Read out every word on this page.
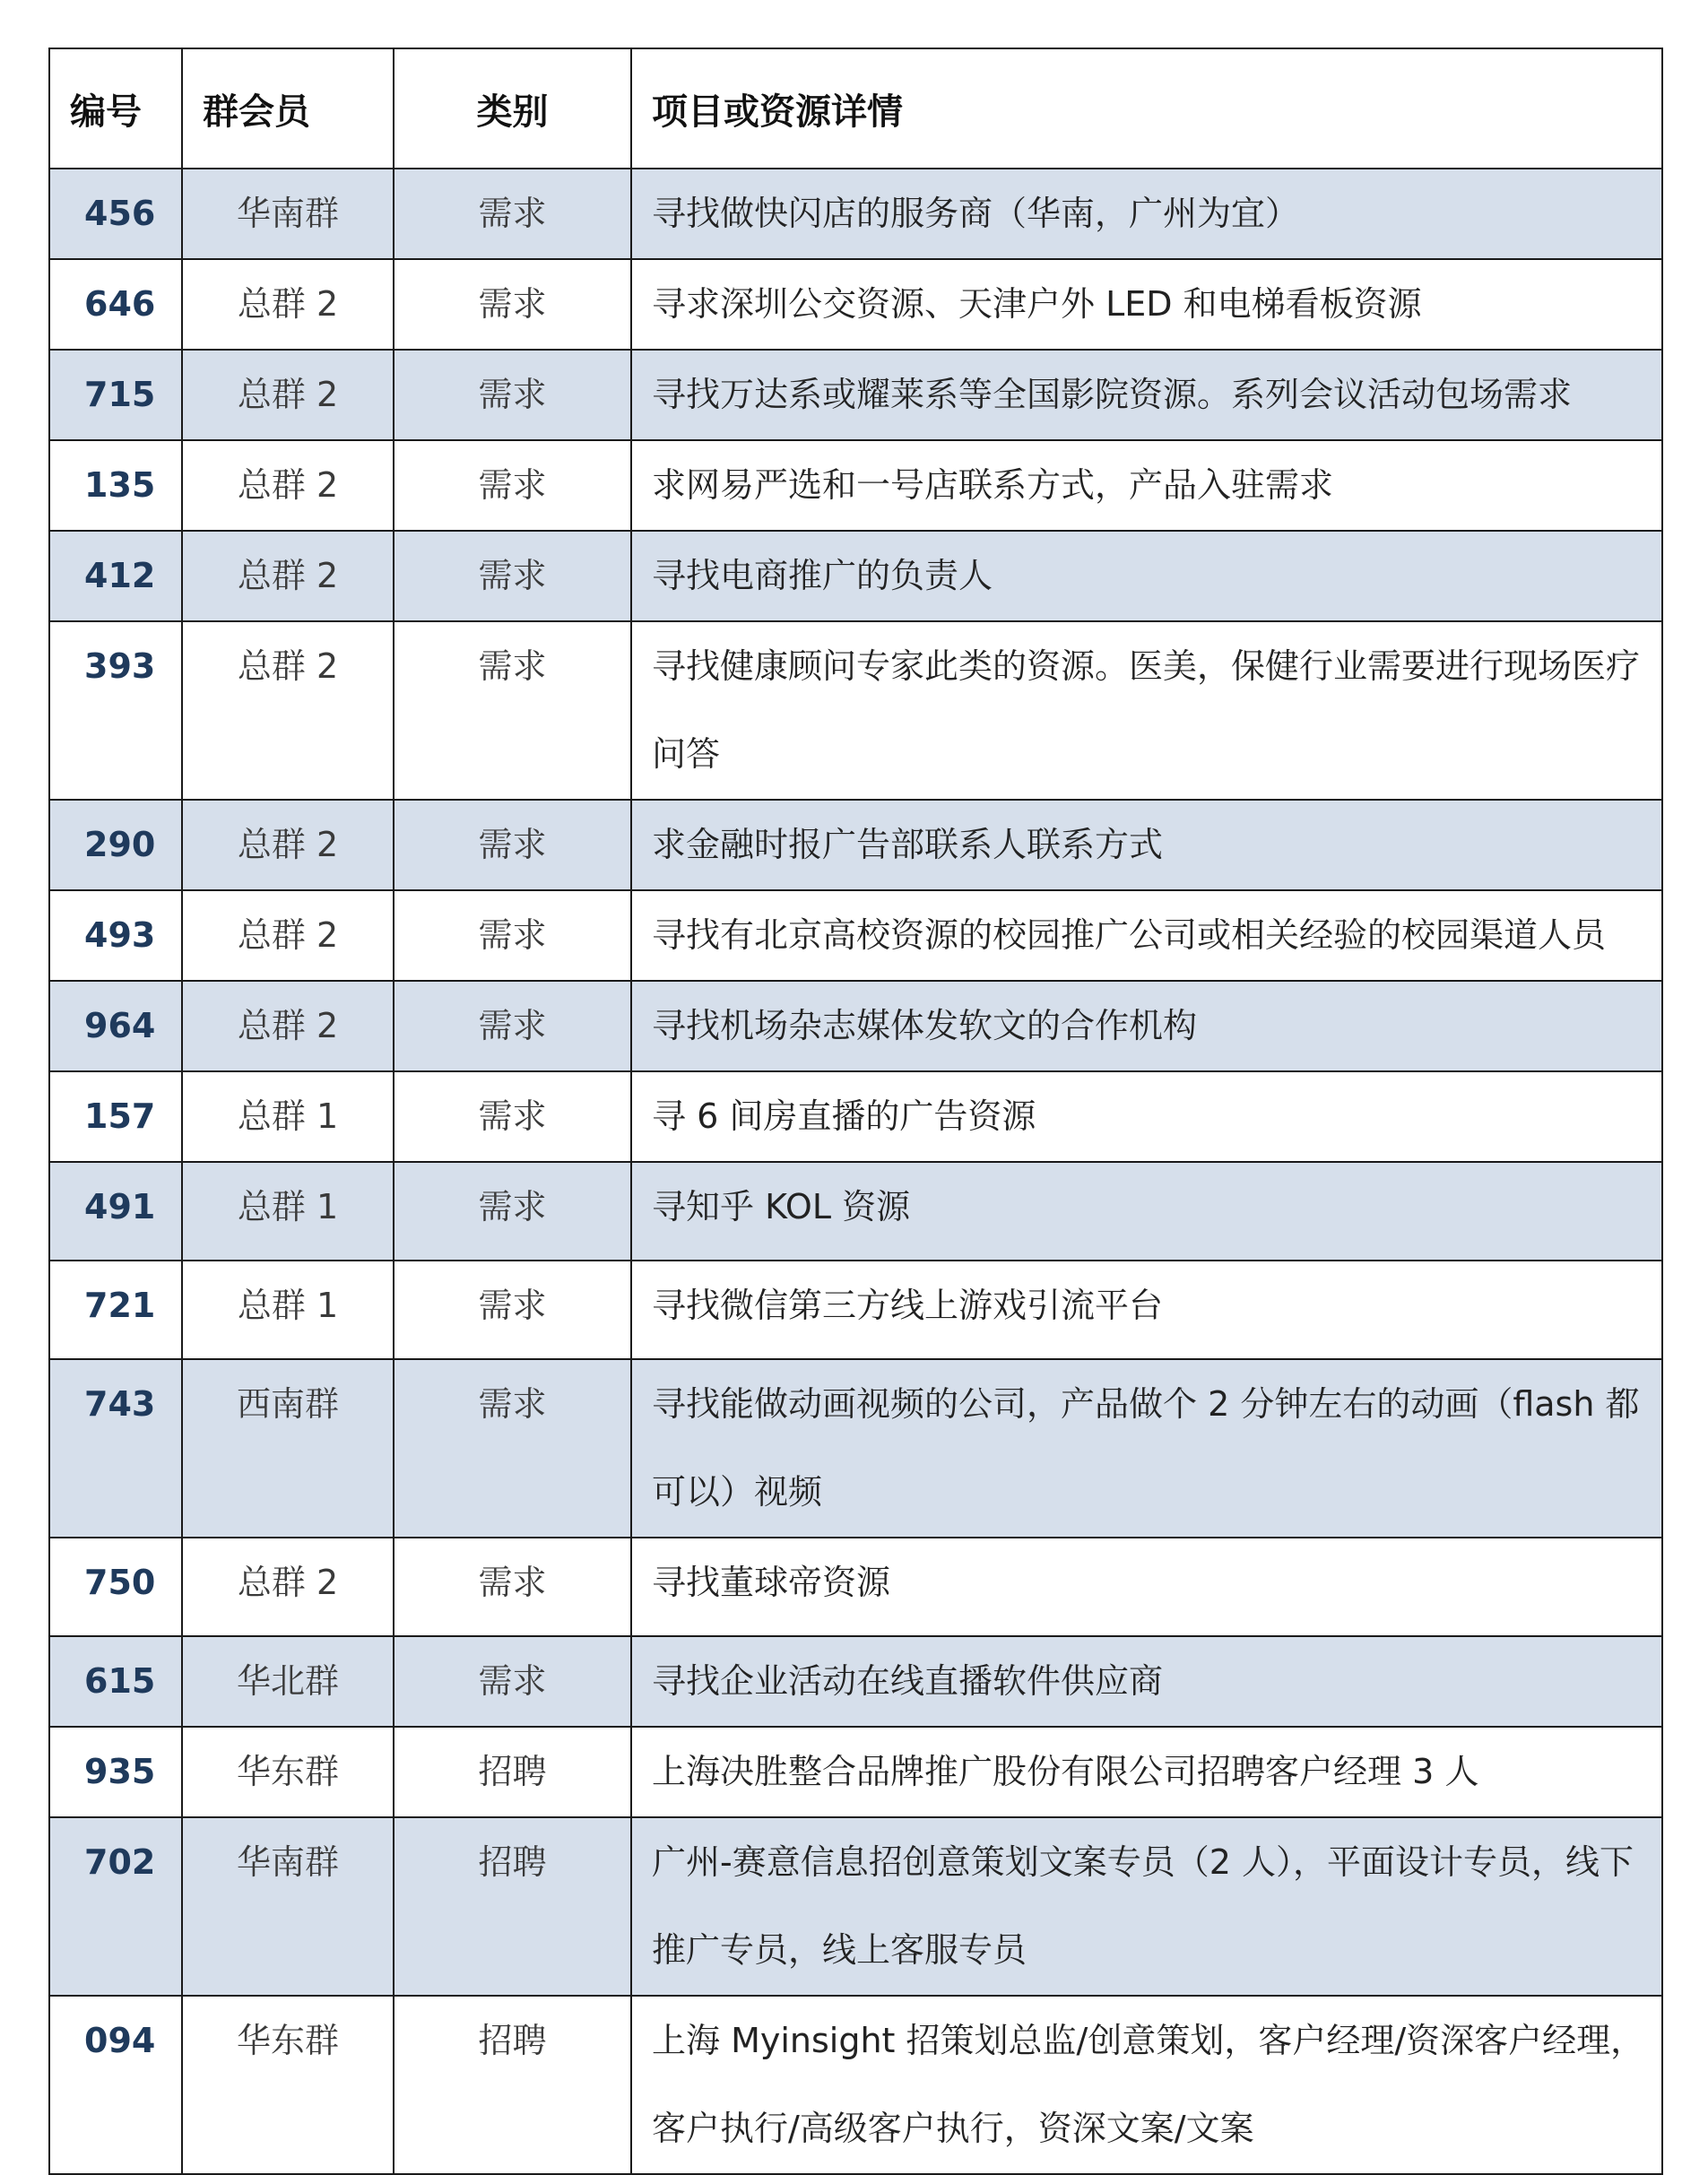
编号	群会员	类别	项目或资源详情
456	华南群	需求	寻找做快闪店的服务商（华南，广州为宜）
646	总群 2	需求	寻求深圳公交资源、天津户外 LED 和电梯看板资源
715	总群 2	需求	寻找万达系或耀莱系等全国影院资源。系列会议活动包场需求
135	总群 2	需求	求网易严选和一号店联系方式，产品入驻需求
412	总群 2	需求	寻找电商推广的负责人
393	总群 2	需求	寻找健康顾问专家此类的资源。医美，保健行业需要进行现场医疗问答
290	总群 2	需求	求金融时报广告部联系人联系方式
493	总群 2	需求	寻找有北京高校资源的校园推广公司或相关经验的校园渠道人员
964	总群 2	需求	寻找机场杂志媒体发软文的合作机构
157	总群 1	需求	寻 6 间房直播的广告资源
491	总群 1	需求	寻知乎 KOL 资源
721	总群 1	需求	寻找微信第三方线上游戏引流平台
743	西南群	需求	寻找能做动画视频的公司，产品做个 2 分钟左右的动画（flash 都可以）视频
750	总群 2	需求	寻找董球帝资源
615	华北群	需求	寻找企业活动在线直播软件供应商
935	华东群	招聘	上海决胜整合品牌推广股份有限公司招聘客户经理 3 人
702	华南群	招聘	广州-赛意信息招创意策划文案专员（2 人），平面设计专员，线下推广专员，线上客服专员
094	华东群	招聘	上海 Myinsight 招策划总监/创意策划，客户经理/资深客户经理，客户执行/高级客户执行，资深文案/文案
